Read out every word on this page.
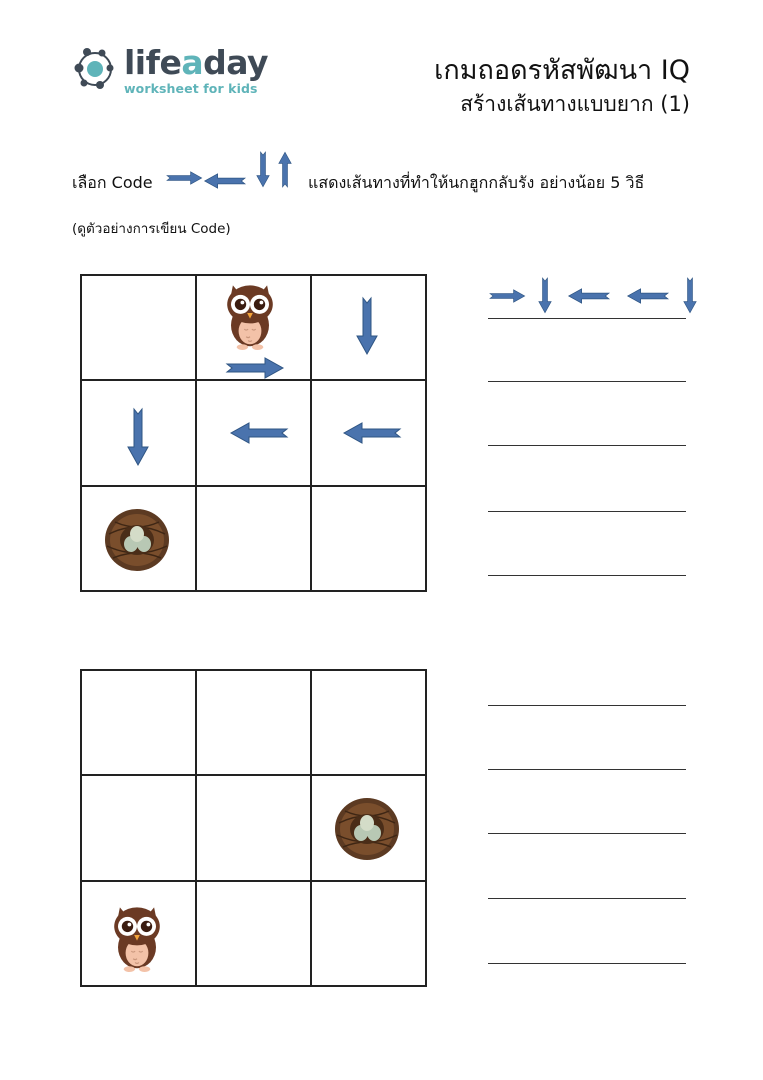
lifeaday
worksheet for kids
เกมถอดรหัสพัฒนา IQ
สร้างเส้นทางแบบยาก (1)
เลือก Code	แสดงเส้นทางที่ทำให้นกฮูกกลับรัง อย่างน้อย 5 วิธี
(ดูตัวอย่างการเขียน Code)
